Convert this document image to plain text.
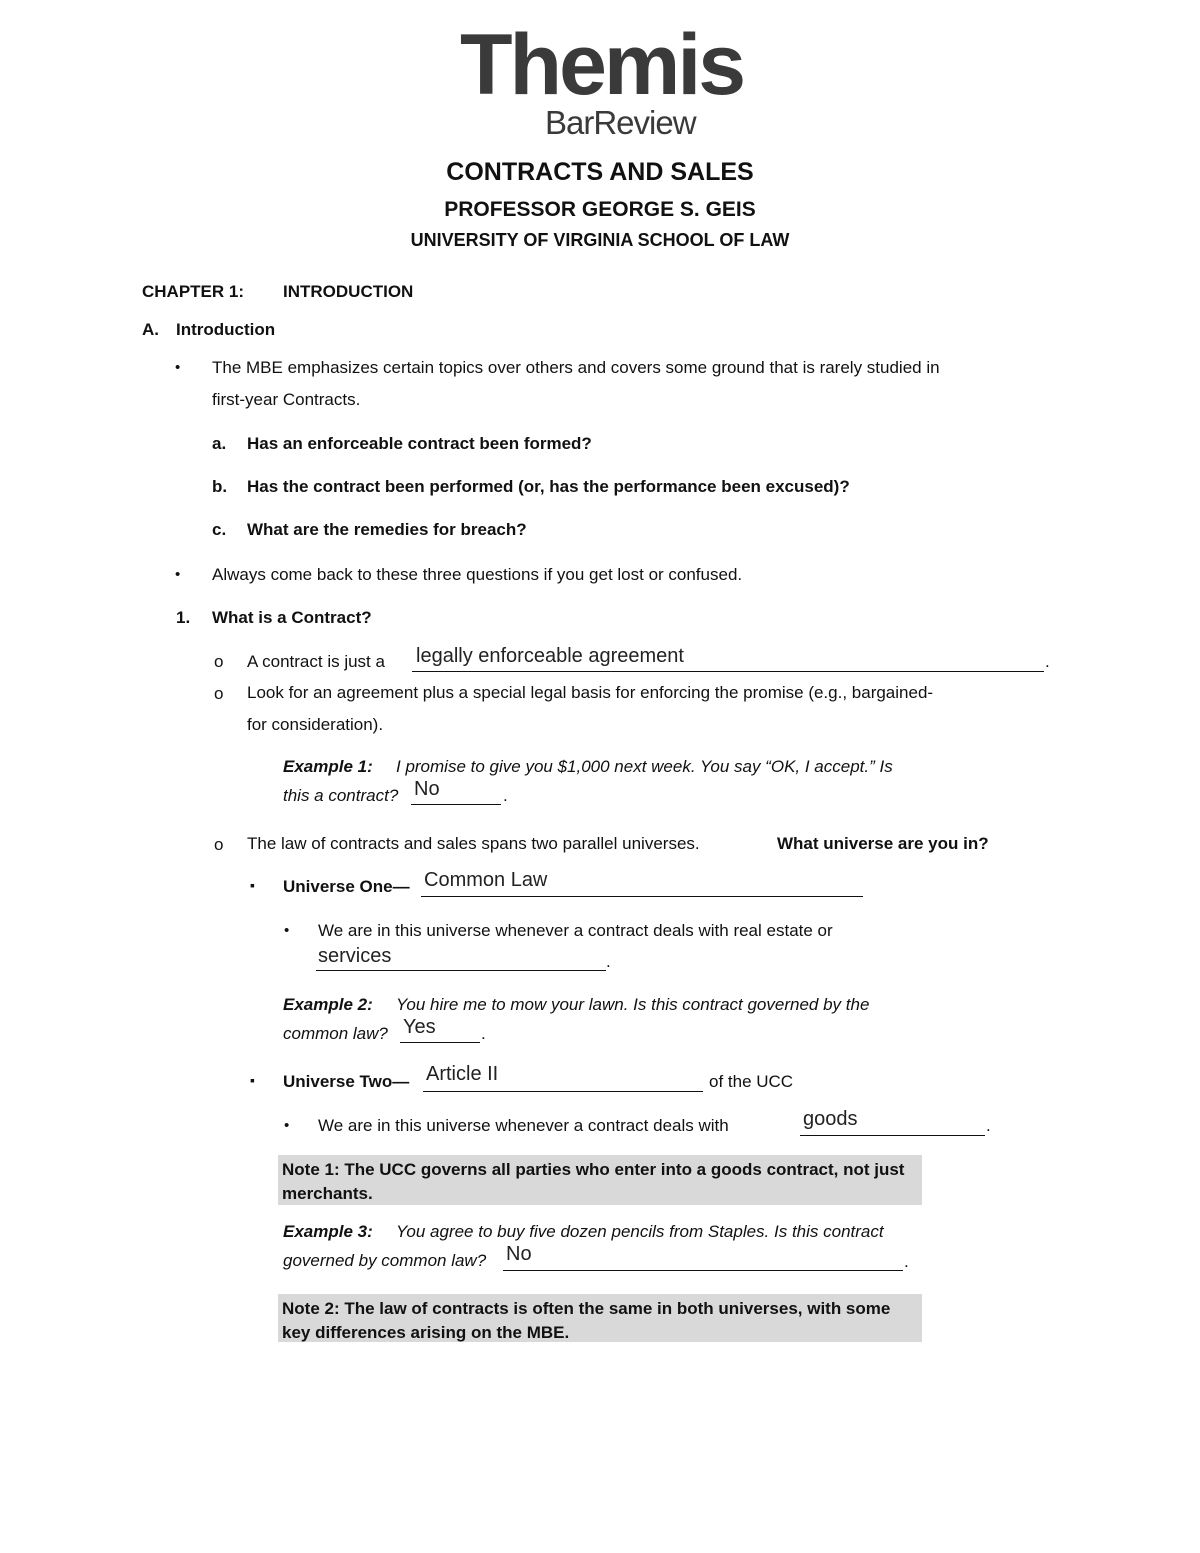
Themis
BarReview
CONTRACTS AND SALES
PROFESSOR GEORGE S. GEIS
UNIVERSITY OF VIRGINIA SCHOOL OF LAW
CHAPTER 1: INTRODUCTION
A. Introduction
• The MBE emphasizes certain topics over others and covers some ground that is rarely studied in
first-year Contracts.
a. Has an enforceable contract been formed?
b. Has the contract been performed (or, has the performance been excused)?
c. What are the remedies for breach?
• Always come back to these three questions if you get lost or confused.
1. What is a Contract?
o A contract is just a legally enforceable agreement	.
o Look for an agreement plus a special legal basis for enforcing the promise (e.g., bargained-
for consideration).
Example 1: I promise to give you $1,000 next week. You say “OK, I accept.” Is
this a contract? No	.
o The law of contracts and sales spans two parallel universes.	What universe are you in?
▪ Universe One— Common Law
• We are in this universe whenever a contract deals with real estate or
services	.
Example 2: You hire me to mow your lawn. Is this contract governed by the
common law? Yes	.
▪ Universe Two— Article II	of the UCC
• We are in this universe whenever a contract deals with	goods	.
Note 1: The UCC governs all parties who enter into a goods contract, not just merchants.
Example 3: You agree to buy five dozen pencils from Staples. Is this contract
governed by common law? No	.
Note 2: The law of contracts is often the same in both universes, with some key differences arising on the MBE.
